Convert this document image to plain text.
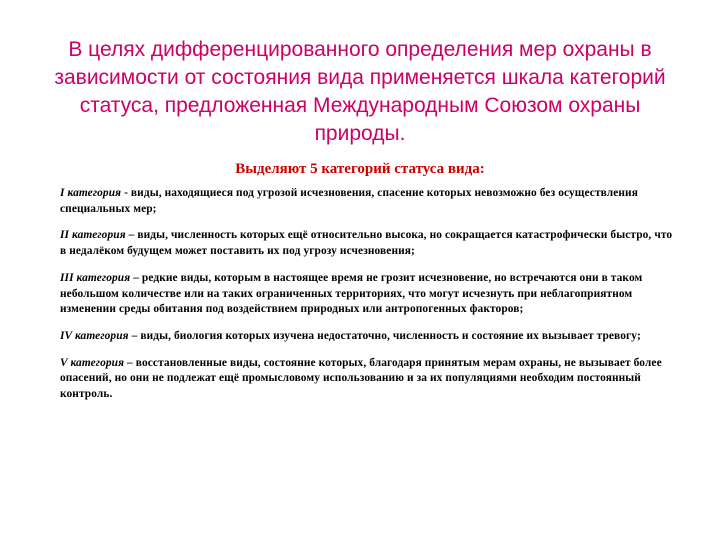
В целях дифференцированного определения мер охраны в зависимости от состояния вида применяется шкала категорий статуса, предложенная Международным Союзом охраны природы.
Выделяют 5 категорий статуса вида:

I категория - виды, находящиеся под угрозой исчезновения, спасение которых невозможно без осуществления специальных мер;

II категория – виды, численность которых ещё относительно высока, но сокращается катастрофически быстро, что в недалёком будущем может поставить их под угрозу исчезновения;

III категория – редкие виды, которым в настоящее время не грозит исчезновение, но встречаются они в таком небольшом количестве или на таких ограниченных территориях, что могут исчезнуть при неблагоприятном изменении среды обитания под воздействием природных или антропогенных факторов;

IV категория – виды, биология которых изучена недостаточно, численность и состояние их вызывает тревогу;

V категория – восстановленные виды, состояние которых, благодаря принятым мерам охраны, не вызывает более опасений, но они не подлежат ещё промысловому использованию и за их популяциями необходим постоянный контроль.
